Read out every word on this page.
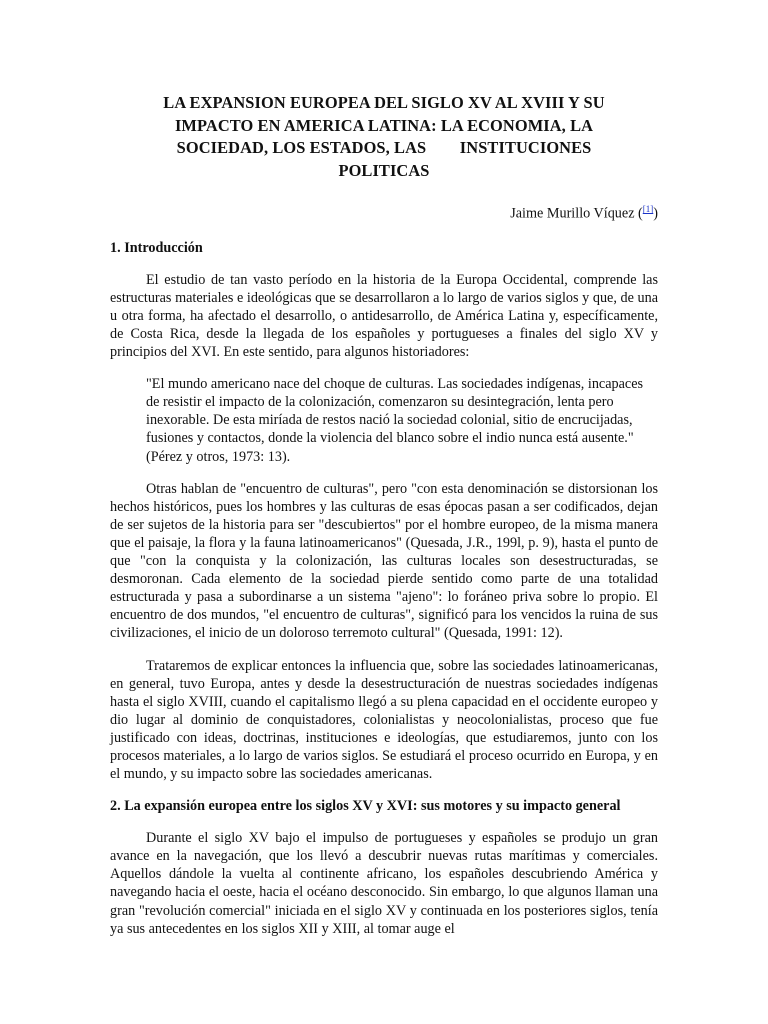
LA EXPANSION EUROPEA DEL SIGLO XV AL XVIII Y SU
IMPACTO EN AMERICA LATINA: LA ECONOMIA, LA
SOCIEDAD, LOS ESTADOS, LAS        INSTITUCIONES
POLITICAS
Jaime Murillo Víquez ([1])
1. Introducción

El estudio de tan vasto período en la historia de la Europa Occidental, comprende las estructuras materiales e ideológicas que se desarrollaron a lo largo de varios siglos y que, de una u otra forma, ha afectado el desarrollo, o antidesarrollo, de América Latina y, específicamente, de Costa Rica, desde la llegada de los españoles y portugueses a finales del siglo XV y principios del XVI. En este sentido, para algunos historiadores:

"El mundo americano nace del choque de culturas. Las sociedades indígenas, incapaces de resistir el impacto de la colonización, comenzaron su desintegración, lenta pero inexorable. De esta miríada de restos nació la sociedad colonial, sitio de encrucijadas, fusiones y contactos, donde la violencia del blanco sobre el indio nunca está ausente." (Pérez y otros, 1973: 13).

Otras hablan de "encuentro de culturas", pero "con esta denominación se distorsionan los hechos históricos, pues los hombres y las culturas de esas épocas pasan a ser codificados, dejan de ser sujetos de la historia para ser "descubiertos" por el hombre europeo, de la misma manera que el paisaje, la flora y la fauna latinoamericanos" (Quesada, J.R., 199l, p. 9), hasta el punto de que "con la conquista y la colonización, las culturas locales son desestructuradas, se desmoronan. Cada elemento de la sociedad pierde sentido como parte de una totalidad estructurada y pasa a subordinarse a un sistema "ajeno": lo foráneo priva sobre lo propio. El encuentro de dos mundos, "el encuentro de culturas", significó para los vencidos la ruina de sus civilizaciones, el inicio de un doloroso terremoto cultural" (Quesada, 1991: 12).

Trataremos de explicar entonces la influencia que, sobre las sociedades latinoamericanas, en general, tuvo Europa, antes y desde la desestructuración de nuestras sociedades indígenas hasta el siglo XVIII, cuando el capitalismo llegó a su plena capacidad en el occidente europeo y dio lugar al dominio de conquistadores, colonialistas y neocolonialistas, proceso que fue justificado con ideas, doctrinas, instituciones e ideologías, que estudiaremos, junto con los procesos materiales, a lo largo de varios siglos. Se estudiará el proceso ocurrido en Europa, y en el mundo, y su impacto sobre las sociedades americanas.

2. La expansión europea entre los siglos XV y XVI: sus motores y su impacto general

Durante el siglo XV bajo el impulso de portugueses y españoles se produjo un gran avance en la navegación, que los llevó a descubrir nuevas rutas marítimas y comerciales. Aquellos dándole la vuelta al continente africano, los españoles descubriendo América y navegando hacia el oeste, hacia el océano desconocido. Sin embargo, lo que algunos llaman una gran "revolución comercial" iniciada en el siglo XV y continuada en los posteriores siglos, tenía ya sus antecedentes en los siglos XII y XIII, al tomar auge el
